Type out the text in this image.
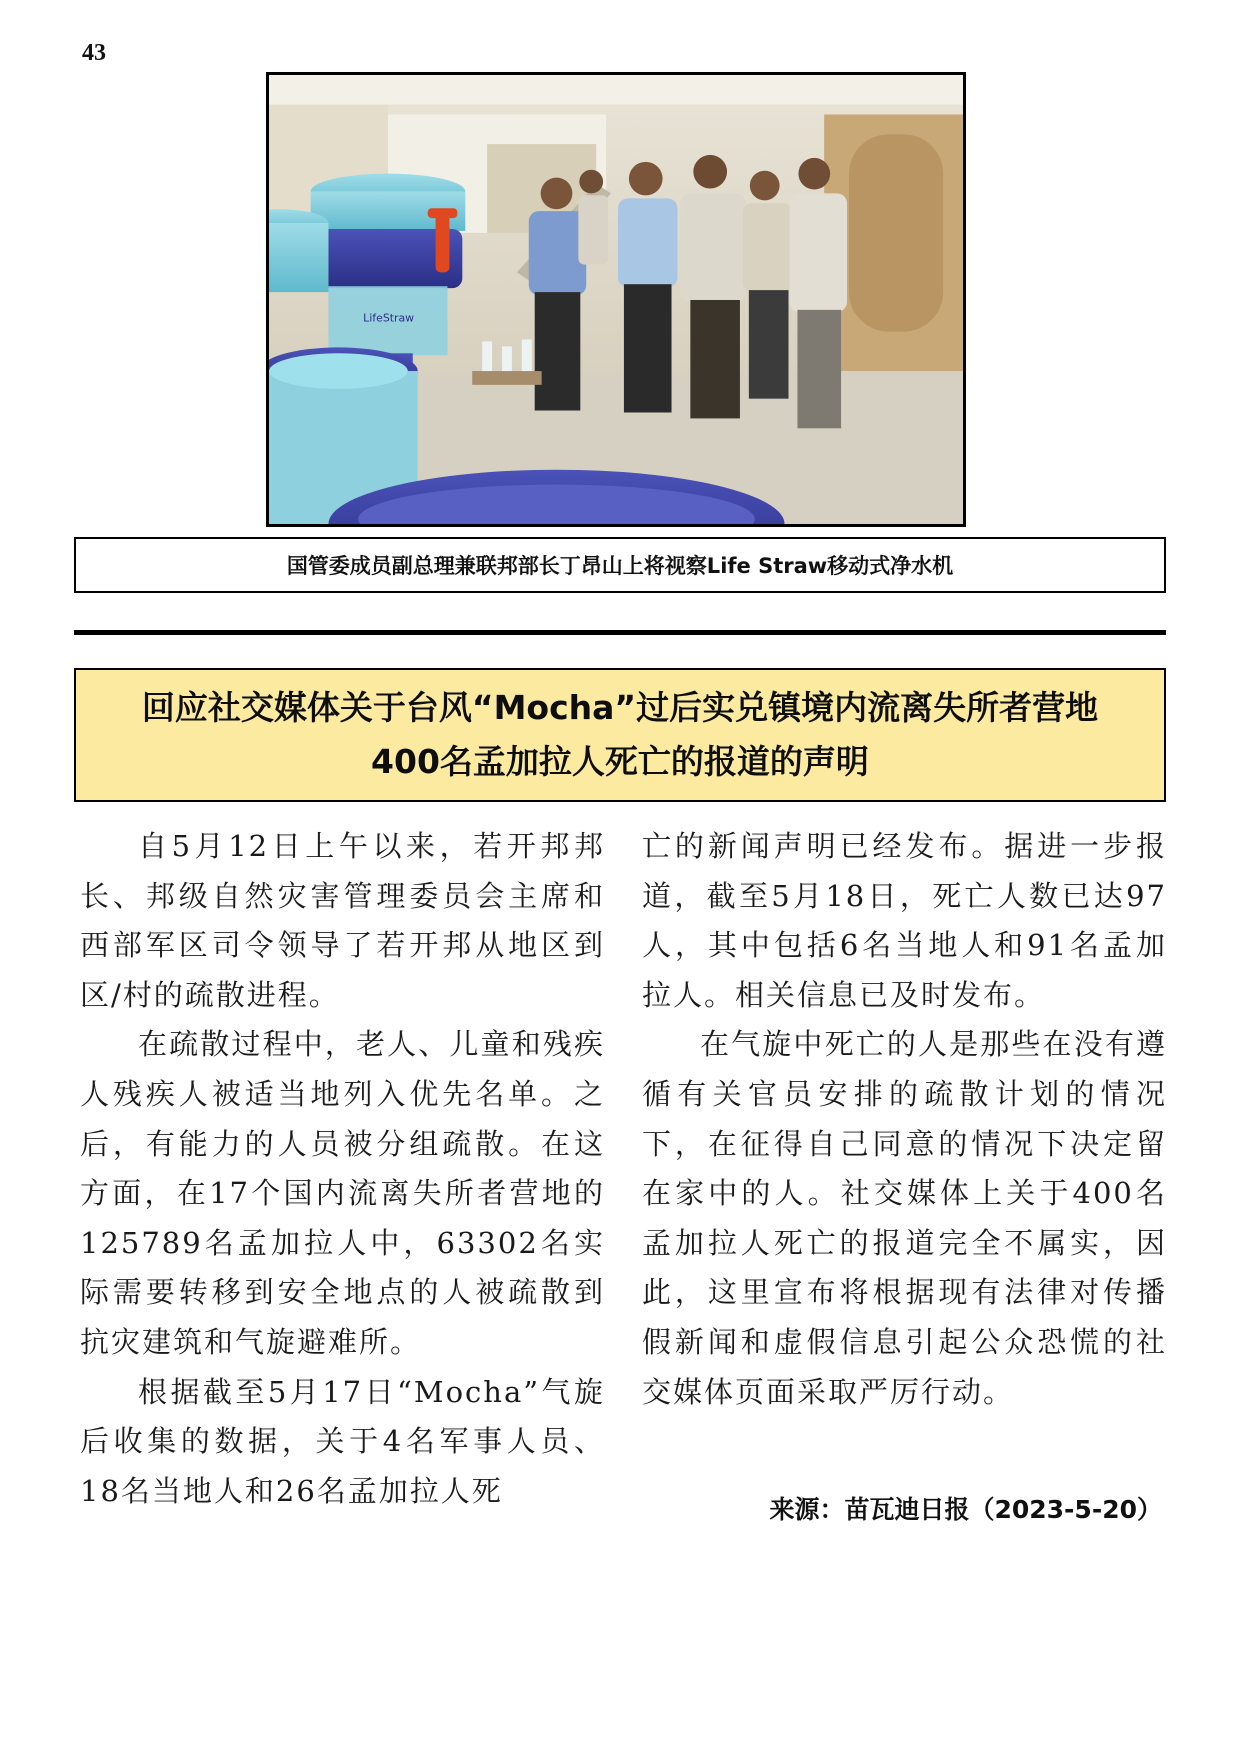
43
LifeStraw
国管委成员副总理兼联邦部长丁昂山上将视察Life Straw移动式净水机
回应社交媒体关于台风“Mocha”过后实兑镇境内流离失所者营地
400名孟加拉人死亡的报道的声明

自5月12日上午以来，若开邦邦长、邦级自然灾害管理委员会主席和西部军区司令领导了若开邦从地区到区/村的疏散进程。

在疏散过程中，老人、儿童和残疾人残疾人被适当地列入优先名单。之后，有能力的人员被分组疏散。在这方面，在17个国内流离失所者营地的125789名孟加拉人中，63302名实际需要转移到安全地点的人被疏散到抗灾建筑和气旋避难所。

根据截至5月17日“Mocha”气旋后收集的数据，关于4名军事人员、18名当地人和26名孟加拉人死

亡的新闻声明已经发布。据进一步报道，截至5月18日，死亡人数已达97人，其中包括6名当地人和91名孟加拉人。相关信息已及时发布。

在气旋中死亡的人是那些在没有遵循有关官员安排的疏散计划的情况下，在征得自己同意的情况下决定留在家中的人。社交媒体上关于400名孟加拉人死亡的报道完全不属实，因此，这里宣布将根据现有法律对传播假新闻和虚假信息引起公众恐慌的社交媒体页面采取严厉行动。

来源：苗瓦迪日报（2023-5-20）
